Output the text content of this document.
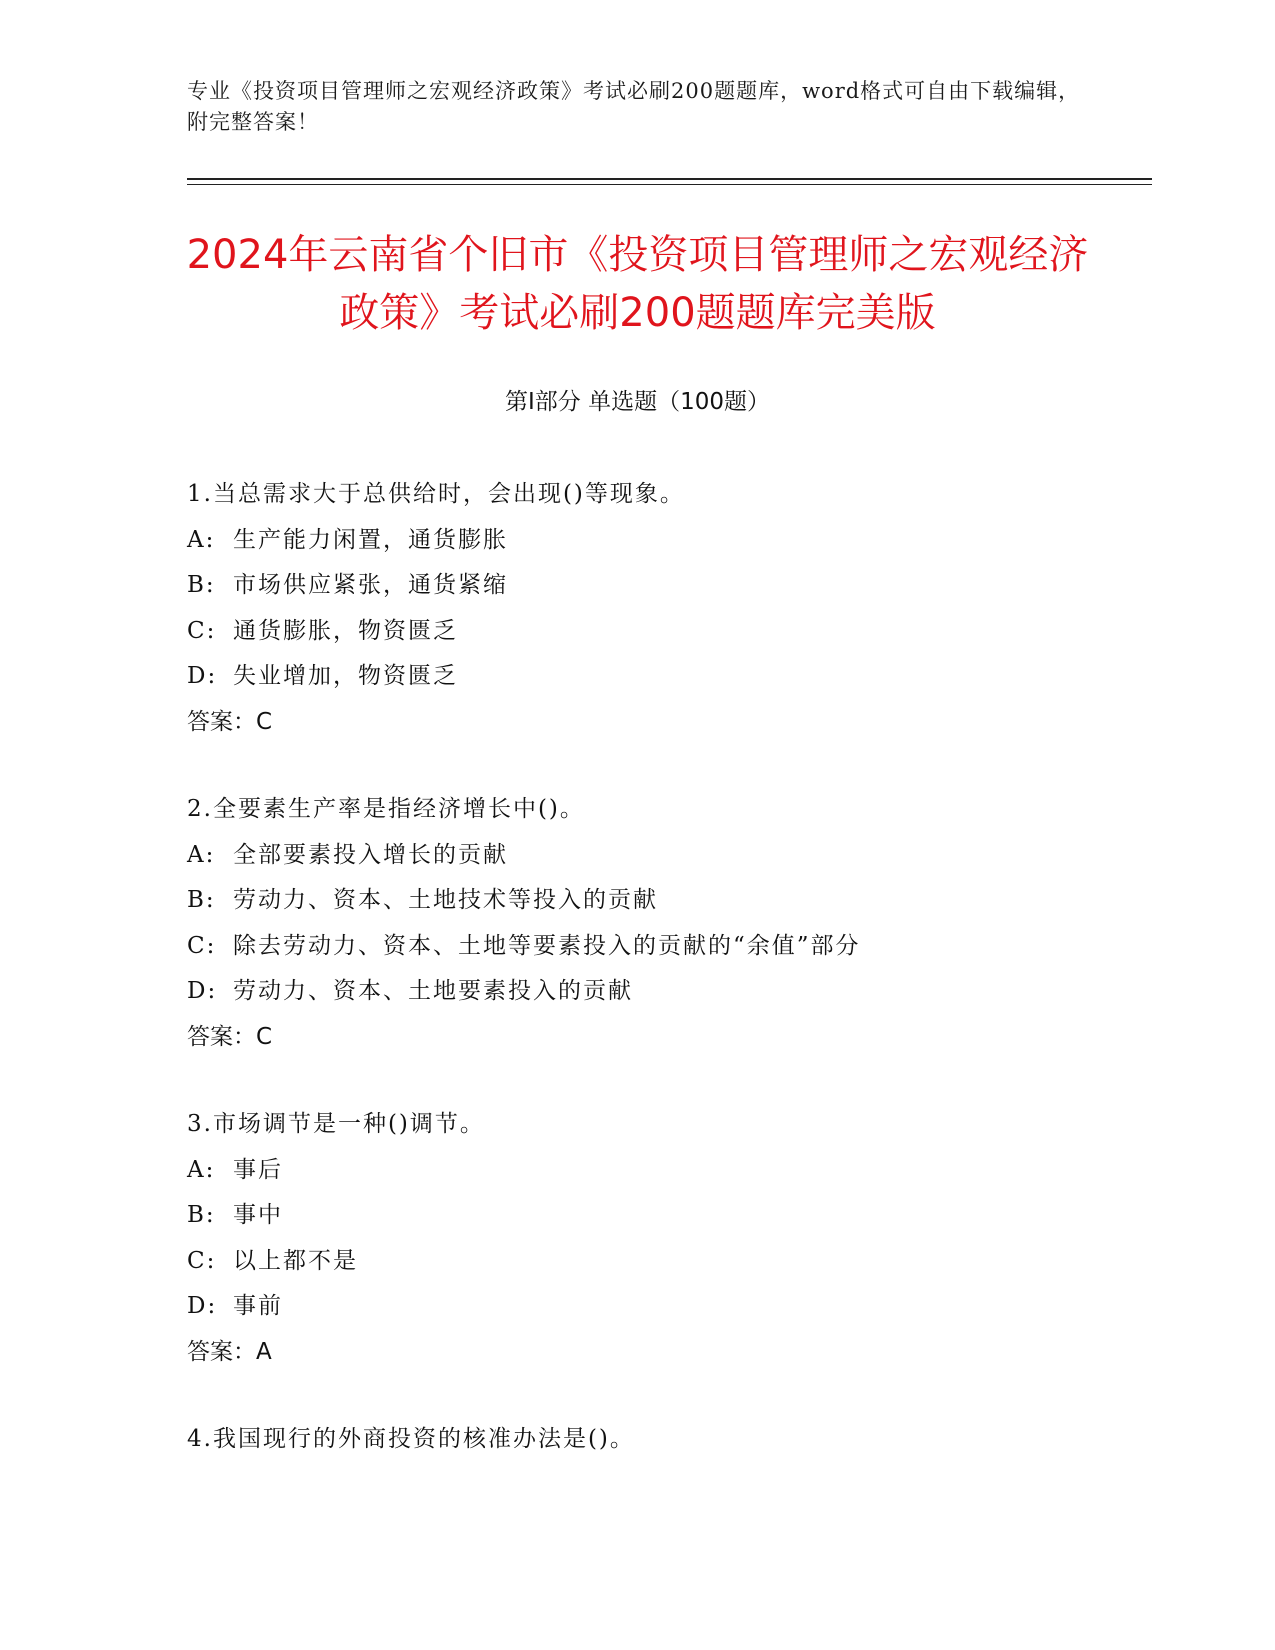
专业《投资项目管理师之宏观经济政策》考试必刷200题题库，word格式可自由下载编辑，附完整答案！
2024年云南省个旧市《投资项目管理师之宏观经济政策》考试必刷200题题库完美版
第Ⅰ部分 单选题（100题）
1.当总需求大于总供给时，会出现()等现象。
A: 生产能力闲置，通货膨胀
B: 市场供应紧张，通货紧缩
C: 通货膨胀，物资匮乏
D: 失业增加，物资匮乏
答案：C
2.全要素生产率是指经济增长中()。
A: 全部要素投入增长的贡献
B: 劳动力、资本、土地技术等投入的贡献
C: 除去劳动力、资本、土地等要素投入的贡献的“余值”部分
D: 劳动力、资本、土地要素投入的贡献
答案：C
3.市场调节是一种()调节。
A: 事后
B: 事中
C: 以上都不是
D: 事前
答案：A
4.我国现行的外商投资的核准办法是()。
